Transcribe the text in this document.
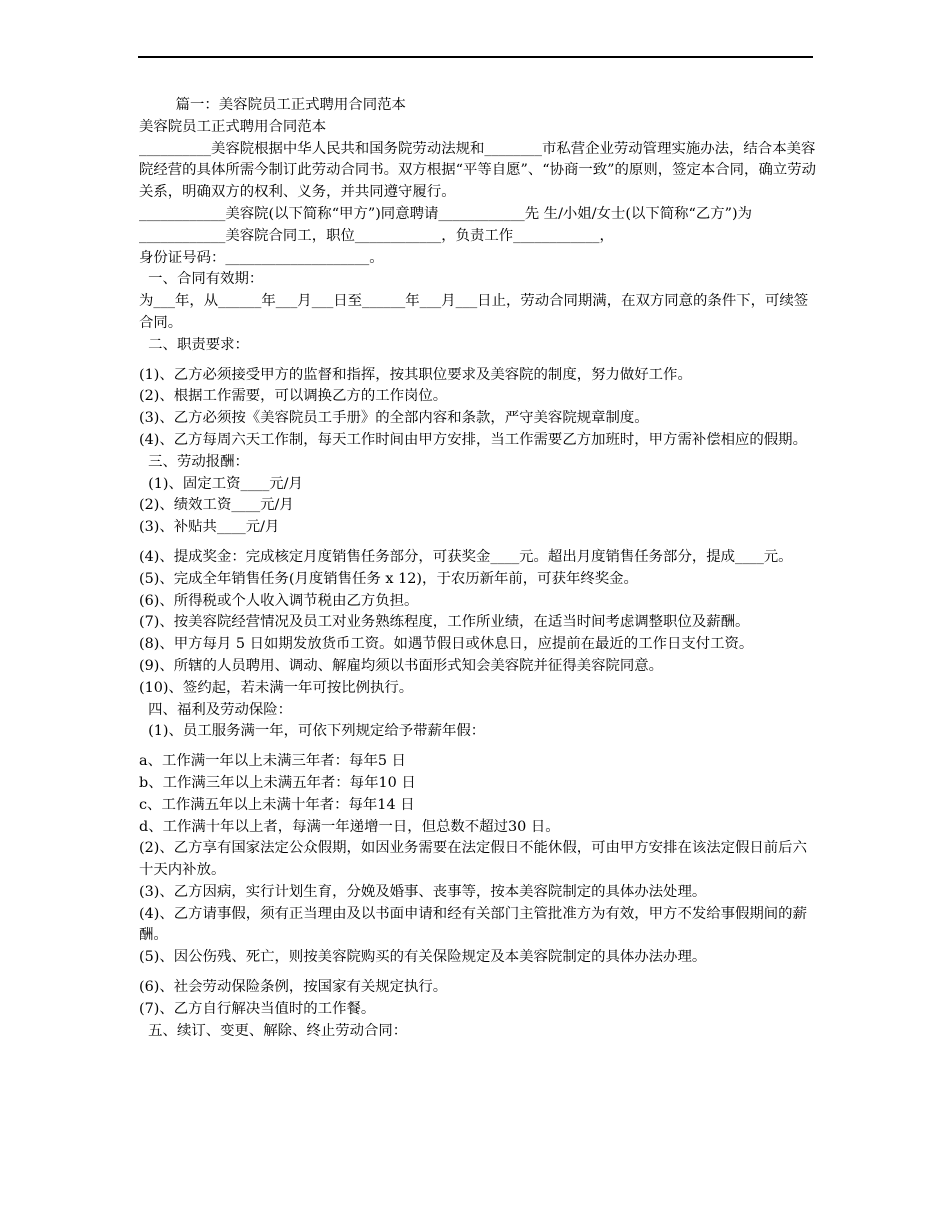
篇一：美容院员工正式聘用合同范本

美容院员工正式聘用合同范本

__________美容院根据中华人民共和国务院劳动法规和________市私营企业劳动管理实施办法，结合本美容院经营的具体所需今制订此劳动合同书。双方根据“平等自愿”、“协商一致”的原则，签定本合同，确立劳动关系，明确双方的权利、义务，并共同遵守履行。

____________美容院(以下简称“甲方”)同意聘请____________先 生/小姐/女士(以下简称“乙方”)为____________美容院合同工，职位____________，负责工作____________，

身份证号码：____________________。

一、合同有效期：

为___年，从______年___月___日至______年___月___日止，劳动合同期满，在双方同意的条件下，可续签合同。

二、职责要求：

(1)、乙方必须接受甲方的监督和指挥，按其职位要求及美容院的制度，努力做好工作。

(2)、根据工作需要，可以调换乙方的工作岗位。

(3)、乙方必须按《美容院员工手册》的全部内容和条款，严守美容院规章制度。

(4)、乙方每周六天工作制，每天工作时间由甲方安排，当工作需要乙方加班时，甲方需补偿相应的假期。

三、劳动报酬：

(1)、固定工资____元/月

(2)、绩效工资____元/月

(3)、补贴共____元/月

(4)、提成奖金：完成核定月度销售任务部分，可获奖金____元。超出月度销售任务部分，提成____元。(5)、完成全年销售任务(月度销售任务 x 12)，于农历新年前，可获年终奖金。

(6)、所得税或个人收入调节税由乙方负担。

(7)、按美容院经营情况及员工对业务熟练程度，工作所业绩，在适当时间考虑调整职位及薪酬。

(8)、甲方每月 5 日如期发放货币工资。如遇节假日或休息日，应提前在最近的工作日支付工资。

(9)、所辖的人员聘用、调动、解雇均须以书面形式知会美容院并征得美容院同意。

(10)、签约起，若未满一年可按比例执行。

四、福利及劳动保险：

(1)、员工服务满一年，可依下列规定给予带薪年假：

a、工作满一年以上未满三年者：每年5 日

b、工作满三年以上未满五年者：每年10 日

c、工作满五年以上未满十年者：每年14 日

d、工作满十年以上者，每满一年递增一日，但总数不超过30 日。

(2)、乙方享有国家法定公众假期，如因业务需要在法定假日不能休假，可由甲方安排在该法定假日前后六十天内补放。

(3)、乙方因病，实行计划生育，分娩及婚事、丧事等，按本美容院制定的具体办法处理。

(4)、乙方请事假，须有正当理由及以书面申请和经有关部门主管批准方为有效，甲方不发给事假期间的薪酬。

(5)、因公伤残、死亡，则按美容院购买的有关保险规定及本美容院制定的具体办法办理。

(6)、社会劳动保险条例，按国家有关规定执行。

(7)、乙方自行解决当值时的工作餐。

五、续订、变更、解除、终止劳动合同：
